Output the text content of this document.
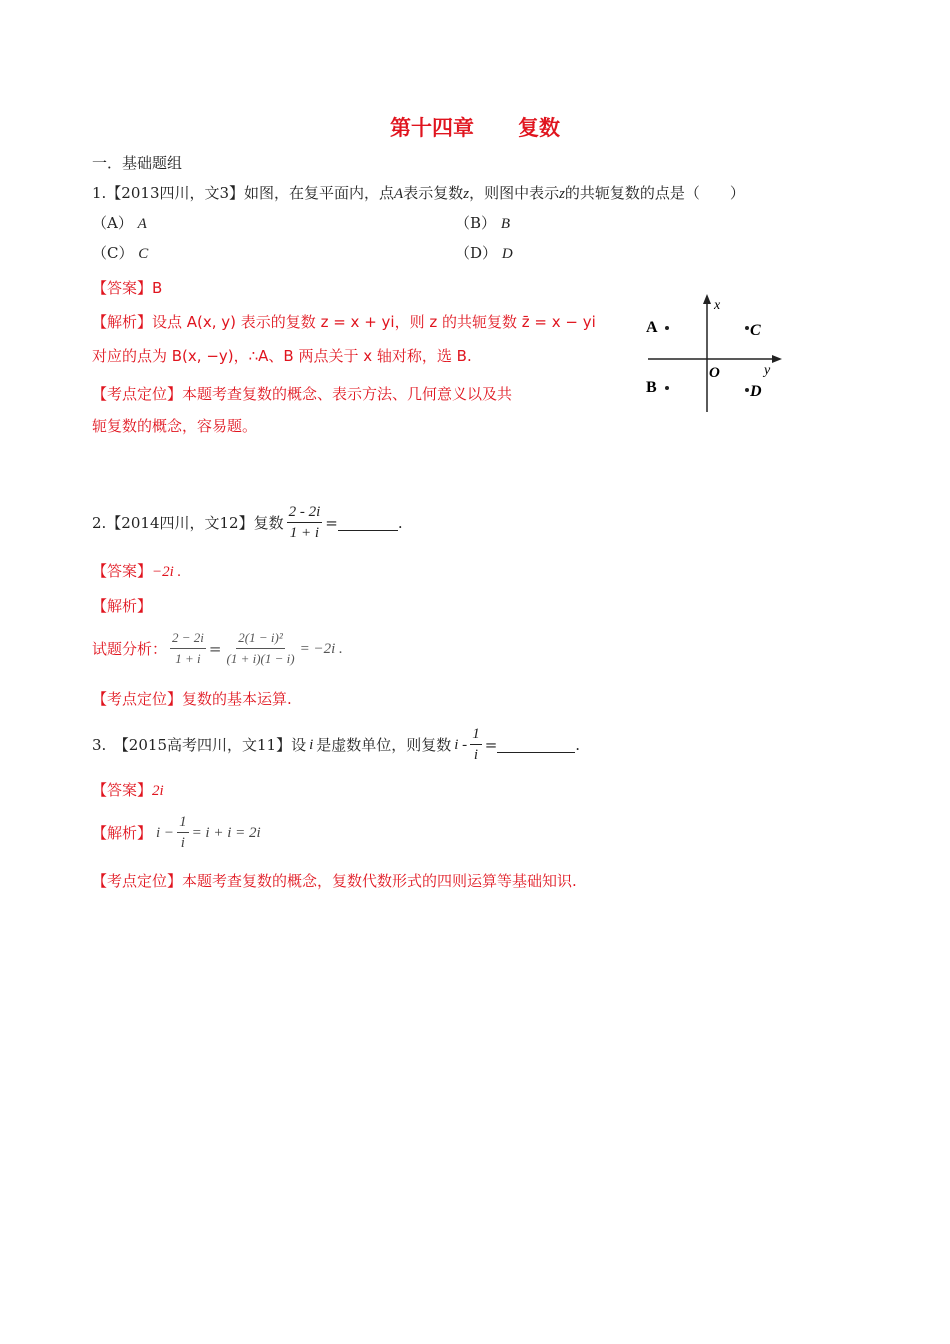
第十四章 复数
一．基础题组
1.【2013四川，文3】如图，在复平面内，点A表示复数z，则图中表示z的共轭复数的点是（　　）
（A） A	（B） B
（C） C	（D） D
【答案】B
【解析】设点 A(x, y) 表示的复数 z = x + yi，则 z 的共轭复数 z̄ = x − yi
对应的点为 B(x, −y)，∴A、B 两点关于 x 轴对称，选 B.
【考点定位】本题考查复数的概念、表示方法、几何意义以及共
轭复数的概念，容易题。
x
y
O
A	C
B	D
2.【2014四川，文12】复数 $\frac{2 - 2i}{1 + i}$ =	.
【答案】−2i .
【解析】
试题分析： $\frac{2 - 2i}{1 + i} = \frac{\text{2(1 − i)²}}{(1 + i)(1 - i)} = -2i$ .
【考点定位】复数的基本运算.
3.　【2015高考四川，文11】设 i 是虚数单位，则复数 i - $\frac{1}{i}$ =	.
【答案】2i
【解析】 $i - \frac{1}{i} = i + i = 2i$
【考点定位】本题考查复数的概念，复数代数形式的四则运算等基础知识.
